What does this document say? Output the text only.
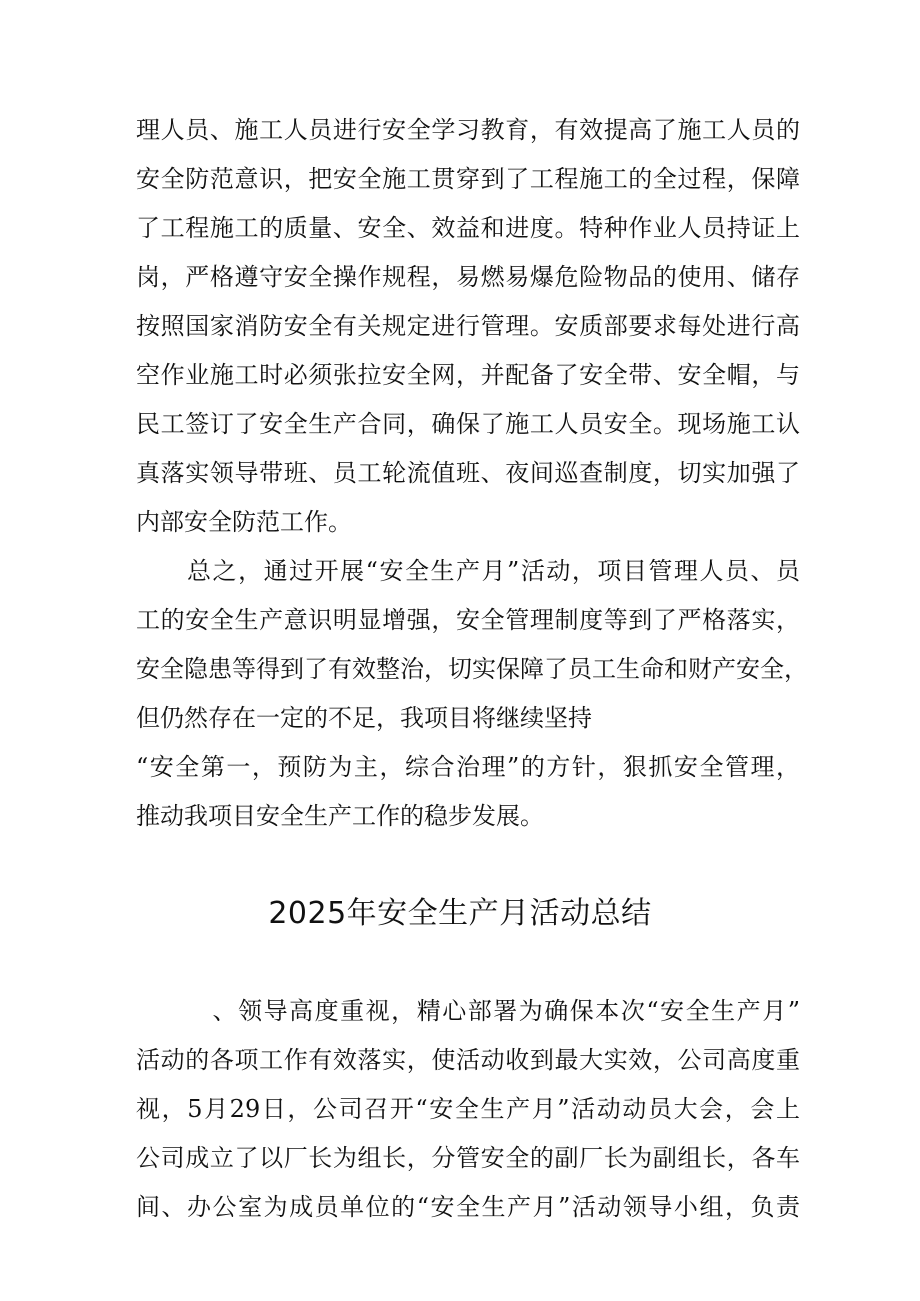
理人员、施工人员进行安全学习教育，有效提高了施工人员的
安全防范意识，把安全施工贯穿到了工程施工的全过程，保障
了工程施工的质量、安全、效益和进度。特种作业人员持证上
岗，严格遵守安全操作规程，易燃易爆危险物品的使用、储存
按照国家消防安全有关规定进行管理。安质部要求每处进行高
空作业施工时必须张拉安全网，并配备了安全带、安全帽，与
民工签订了安全生产合同，确保了施工人员安全。现场施工认
真落实领导带班、员工轮流值班、夜间巡查制度，切实加强了
内部安全防范工作。
　　总之，通过开展“安全生产月”活动，项目管理人员、员
工的安全生产意识明显增强，安全管理制度等到了严格落实，
安全隐患等得到了有效整治，切实保障了员工生命和财产安全，
但仍然存在一定的不足，我项目将继续坚持
“安全第一，预防为主，综合治理”的方针，狠抓安全管理，
推动我项目安全生产工作的稳步发展。
2025年安全生产月活动总结
　　　、领导高度重视，精心部署为确保本次“安全生产月”
活动的各项工作有效落实，使活动收到最大实效，公司高度重
视，5月29日，公司召开“安全生产月”活动动员大会，会上
公司成立了以厂长为组长，分管安全的副厂长为副组长，各车
间、办公室为成员单位的“安全生产月”活动领导小组，负责
